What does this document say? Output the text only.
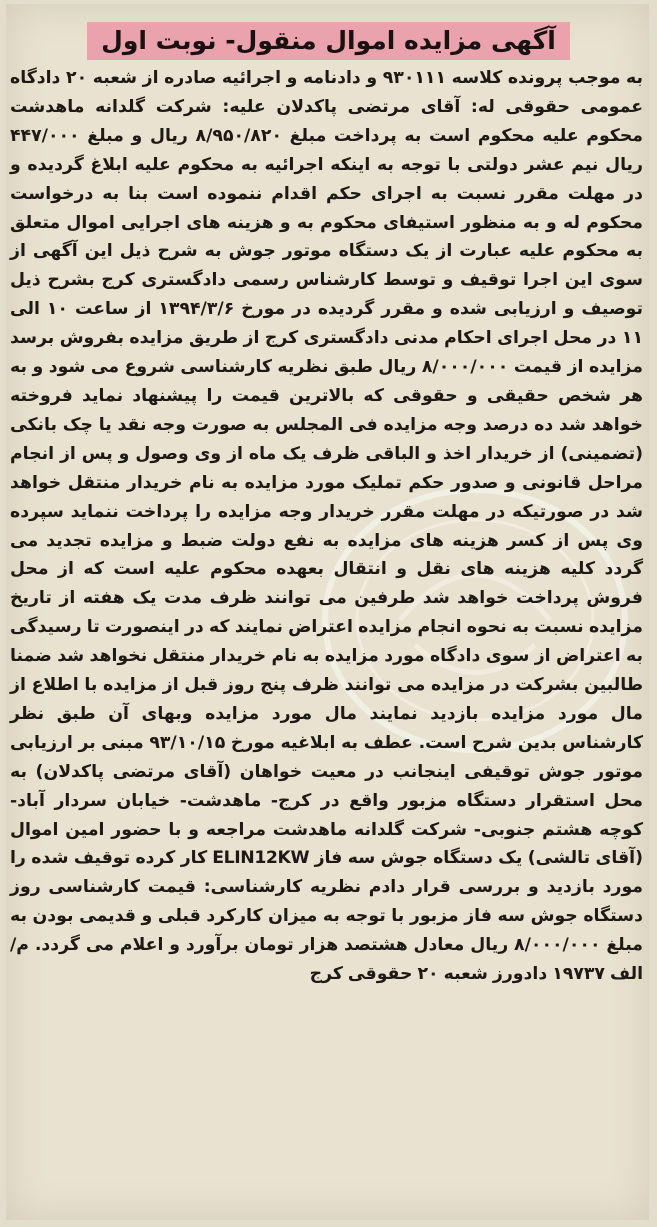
آگهی مزایده اموال منقول- نوبت اول

به موجب پرونده کلاسه ۹۳۰۱۱۱ و دادنامه و اجرائیه صادره از شعبه ۲۰ دادگاه عمومی حقوقی له: آقای مرتضی پاکدلان علیه: شرکت گلدانه ماهدشت محکوم علیه محکوم است به پرداخت مبلغ ۸/۹۵۰/۸۲۰ ریال و مبلغ ۴۴۷/۰۰۰ ریال نیم عشر دولتی با توجه به اینکه اجرائیه به محکوم علیه ابلاغ گردیده و در مهلت مقرر نسبت به اجرای حکم اقدام ننموده است بنا به درخواست محکوم له و به منظور استیفای محکوم به و هزینه های اجرایی اموال متعلق به محکوم علیه عبارت از یک دستگاه موتور جوش به شرح ذیل این آگهی از سوی این اجرا توقیف و توسط کارشناس رسمی دادگستری کرج بشرح ذیل توصیف و ارزیابی شده و مقرر گردیده در مورخ ۱۳۹۴/۳/۶ از ساعت ۱۰ الی ۱۱ در محل اجرای احکام مدنی دادگستری کرج از طریق مزایده بفروش برسد مزایده از قیمت ۸/۰۰۰/۰۰۰ ریال طبق نظریه کارشناسی شروع می شود و به هر شخص حقیقی و حقوقی که بالاترین قیمت را پیشنهاد نماید فروخته خواهد شد ده درصد وجه مزایده فی المجلس به صورت وجه نقد یا چک بانکی (تضمینی) از خریدار اخذ و الباقی ظرف یک ماه از وی وصول و پس از انجام مراحل قانونی و صدور حکم تملیک مورد مزایده به نام خریدار منتقل خواهد شد در صورتیکه در مهلت مقرر خریدار وجه مزایده را پرداخت ننماید سپرده وی پس از کسر هزینه های مزایده به نفع دولت ضبط و مزایده تجدید می گردد کلیه هزینه های نقل و انتقال بعهده محکوم علیه است که از محل فروش پرداخت خواهد شد طرفین می توانند ظرف مدت یک هفته از تاریخ مزایده نسبت به نحوه انجام مزایده اعتراض نمایند که در اینصورت تا رسیدگی به اعتراض از سوی دادگاه مورد مزایده به نام خریدار منتقل نخواهد شد ضمنا طالبین بشرکت در مزایده می توانند ظرف پنج روز قبل از مزایده با اطلاع از مال مورد مزایده بازدید نمایند مال مورد مزایده وبهای آن طبق نظر کارشناس بدین شرح است. عطف به ابلاغیه مورخ ۹۳/۱۰/۱۵ مبنی بر ارزیابی موتور جوش توقیفی اینجانب در معیت خواهان (آقای مرتضی پاکدلان) به محل استقرار دستگاه مزبور واقع در کرج- ماهدشت- خیابان سردار آباد- کوچه هشتم جنوبی- شرکت گلدانه ماهدشت مراجعه و با حضور امین اموال (آقای تالشی) یک دستگاه جوش سه فاز ELIN12KW کار کرده توقیف شده را مورد بازدید و بررسی قرار دادم نظریه کارشناسی: قیمت کارشناسی روز دستگاه جوش سه فاز مزبور با توجه به میزان کارکرد قبلی و قدیمی بودن به مبلغ ۸/۰۰۰/۰۰۰ ریال معادل هشتصد هزار تومان برآورد و اعلام می گردد. م/ الف ۱۹۷۳۷ دادورز شعبه ۲۰ حقوقی کرج
